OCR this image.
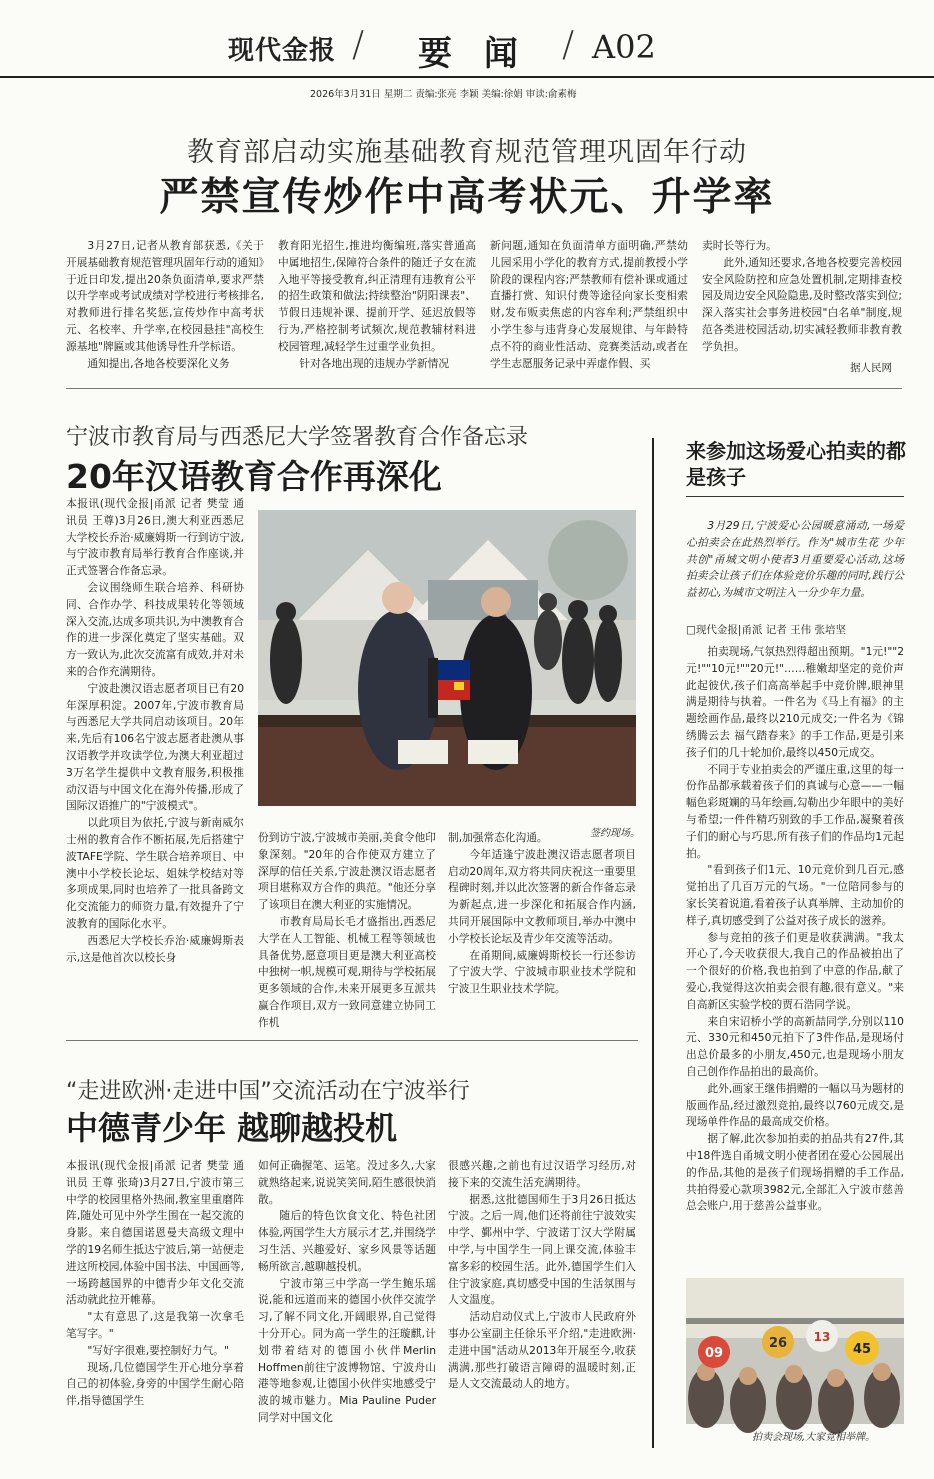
现代金报 / 要 闻 / A02
2026年3月31日 星期二 责编:张亮 李颖 美编:徐娟 审读:俞素梅
教育部启动实施基础教育规范管理巩固年行动
严禁宣传炒作中高考状元、升学率

3月27日,记者从教育部获悉,《关于开展基础教育规范管理巩固年行动的通知》于近日印发,提出20条负面清单,要求严禁以升学率或考试成绩对学校进行考核排名,对教师进行排名奖惩,宣传炒作中高考状元、名校率、升学率,在校园悬挂"高校生源基地"牌匾或其他诱导性升学标语。

通知提出,各地各校要深化义务

教育阳光招生,推进均衡编班,落实普通高中属地招生,保障符合条件的随迁子女在流入地平等接受教育,纠正清理有违教育公平的招生政策和做法;持续整治"阴阳课表"、节假日违规补课、提前开学、延迟放假等行为,严格控制考试频次,规范教辅材料进校园管理,减轻学生过重学业负担。

针对各地出现的违规办学新情况

新问题,通知在负面清单方面明确,严禁幼儿园采用小学化的教育方式,提前教授小学阶段的课程内容;严禁教师有偿补课或通过直播打赏、知识付费等途径向家长变相索财,发布贩卖焦虑的内容牟利;严禁组织中小学生参与违背身心发展规律、与年龄特点不符的商业性活动、竞赛类活动,或者在学生志愿服务记录中弄虚作假、买

卖时长等行为。

此外,通知还要求,各地各校要完善校园安全风险防控和应急处置机制,定期排查校园及周边安全风险隐患,及时整改落实到位;深入落实社会事务进校园"白名单"制度,规范各类进校园活动,切实减轻教师非教育教学负担。

据人民网
宁波市教育局与西悉尼大学签署教育合作备忘录
20年汉语教育合作再深化

本报讯(现代金报|甬派 记者 樊莹 通讯员 王尊)3月26日,澳大利亚西悉尼大学校长乔治·威廉姆斯一行到访宁波,与宁波市教育局举行教育合作座谈,并正式签署合作备忘录。

会议围绕师生联合培养、科研协同、合作办学、科技成果转化等领域深入交流,达成多项共识,为中澳教育合作的进一步深化奠定了坚实基础。双方一致认为,此次交流富有成效,并对未来的合作充满期待。

宁波赴澳汉语志愿者项目已有20年深厚积淀。2007年,宁波市教育局与西悉尼大学共同启动该项目。20年来,先后有106名宁波志愿者赴澳从事汉语教学并攻读学位,为澳大利亚超过3万名学生提供中文教育服务,积极推动汉语与中国文化在海外传播,形成了国际汉语推广的"宁波模式"。

以此项目为依托,宁波与新南威尔士州的教育合作不断拓展,先后搭建宁波TAFE学院、学生联合培养项目、中澳中小学校长论坛、姐妹学校结对等多项成果,同时也培养了一批具备跨文化交流能力的师资力量,有效提升了宁波教育的国际化水平。

西悉尼大学校长乔治·威廉姆斯表示,这是他首次以校长身

签约现场。

份到访宁波,宁波城市美丽,美食令他印象深刻。"20年的合作使双方建立了深厚的信任关系,宁波赴澳汉语志愿者项目堪称双方合作的典范。"他还分享了该项目在澳大利亚的实施情况。

市教育局局长毛才盛指出,西悉尼大学在人工智能、机械工程等领域也具备优势,愿意项目更是澳大利亚高校中独树一帜,规模可观,期待与学校拓展更多领域的合作,未来开展更多互派共赢合作项目,双方一致同意建立协同工作机

制,加强常态化沟通。

今年适逢宁波赴澳汉语志愿者项目启动20周年,双方将共同庆祝这一重要里程碑时刻,并以此次签署的新合作备忘录为新起点,进一步深化和拓展合作内涵,共同开展国际中文教师项目,举办中澳中小学校长论坛及青少年交流等活动。

在甬期间,威廉姆斯校长一行还参访了宁波大学、宁波城市职业技术学院和宁波卫生职业技术学院。

“走进欧洲·走进中国”交流活动在宁波举行
中德青少年 越聊越投机

本报讯(现代金报|甬派 记者 樊莹 通讯员 王尊 张琦)3月27日,宁波市第三中学的校园里格外热闹,教室里重磨阵阵,随处可见中外学生围在一起交流的身影。来自德国诺恩曼夫高级文理中学的19名师生抵达宁波后,第一站便走进这所校园,体验中国书法、中国画等,一场跨越国界的中德青少年文化交流活动就此拉开帷幕。

"太有意思了,这是我第一次拿毛笔写字。"

"写好字很难,要控制好力气。"

现场,几位德国学生开心地分享着自己的初体验,身旁的中国学生耐心陪伴,指导德国学生

如何正确握笔、运笔。没过多久,大家就熟络起来,说说笑笑间,陌生感很快消散。

随后的特色饮食文化、特色社团体验,两国学生大方展示才艺,并围绕学习生活、兴趣爱好、家乡风景等话题畅所欲言,越聊越投机。

宁波市第三中学高一学生鲍乐瑶说,能和远道而来的德国小伙伴交流学习,了解不同文化,开阔眼界,自己觉得十分开心。同为高一学生的汪璇麒,计划带着结对的德国小伙伴Merlin Hoffmen前往宁波博物馆、宁波舟山港等地参观,让德国小伙伴实地感受宁波的城市魅力。Mia Pauline Puder同学对中国文化

很感兴趣,之前也有过汉语学习经历,对接下来的交流生活充满期待。

据悉,这批德国师生于3月26日抵达宁波。之后一周,他们还将前往宁波效实中学、鄞州中学、宁波诺丁汉大学附属中学,与中国学生一同上课交流,体验丰富多彩的校园生活。此外,德国学生们入住宁波家庭,真切感受中国的生活氛围与人文温度。

活动启动仪式上,宁波市人民政府外事办公室副主任徐乐平介绍,"走进欧洲·走进中国"活动从2013年开展至今,收获满满,那些打破语言障碍的温暖时刻,正是人文交流最动人的地方。

来参加这场爱心拍卖的都是孩子

3月29日,宁波爱心公园暖意涌动,一场爱心拍卖会在此热烈举行。作为"城市生花 少年共创"甬城文明小使者3月重要爱心活动,这场拍卖会让孩子们在体验竞价乐趣的同时,践行公益初心,为城市文明注入一分少年力量。

□现代金报|甬派 记者 王伟 张培坚

拍卖现场,气氛热烈得超出预期。"1元!""2元!""10元!""20元!"……稚嫩却坚定的竞价声此起彼伏,孩子们高高举起手中竞价牌,眼神里满是期待与执着。一件名为《马上有福》的主题绘画作品,最终以210元成交;一件名为《锦绣腾云去 福气踏春来》的手工作品,更是引来孩子们的几十轮加价,最终以450元成交。

不同于专业拍卖会的严谨庄重,这里的每一份作品都承载着孩子们的真诚与心意——一幅幅色彩斑斓的马年绘画,勾勒出少年眼中的美好与希望;一件件精巧别致的手工作品,凝聚着孩子们的耐心与巧思,所有孩子们的作品均1元起拍。

"看到孩子们1元、10元竞价到几百元,感觉拍出了几百万元的气场。"一位陪同参与的家长笑着说道,看着孩子认真举牌、主动加价的样子,真切感受到了公益对孩子成长的滋养。

参与竞拍的孩子们更是收获满满。"我太开心了,今天收获很大,我自己的作品被拍出了一个很好的价格,我也拍到了中意的作品,献了爱心,我觉得这次拍卖会很有趣,很有意义。"来自高新区实验学校的贾石浩同学说。

来自宋诏桥小学的高新喆同学,分别以110元、330元和450元拍下了3件作品,是现场付出总价最多的小朋友,450元,也是现场小朋友自己创作作品拍出的最高价。

此外,画家王继伟捐赠的一幅以马为题材的版画作品,经过激烈竞拍,最终以760元成交,是现场单件作品的最高成交价格。

据了解,此次参加拍卖的拍品共有27件,其中18件选自甬城文明小使者团在爱心公园展出的作品,其他的是孩子们现场捐赠的手工作品,共拍得爱心款项3982元,全部汇入宁波市慈善总会账户,用于慈善公益事业。

09
26 13
45
拍卖会现场,大家竞相举牌。
